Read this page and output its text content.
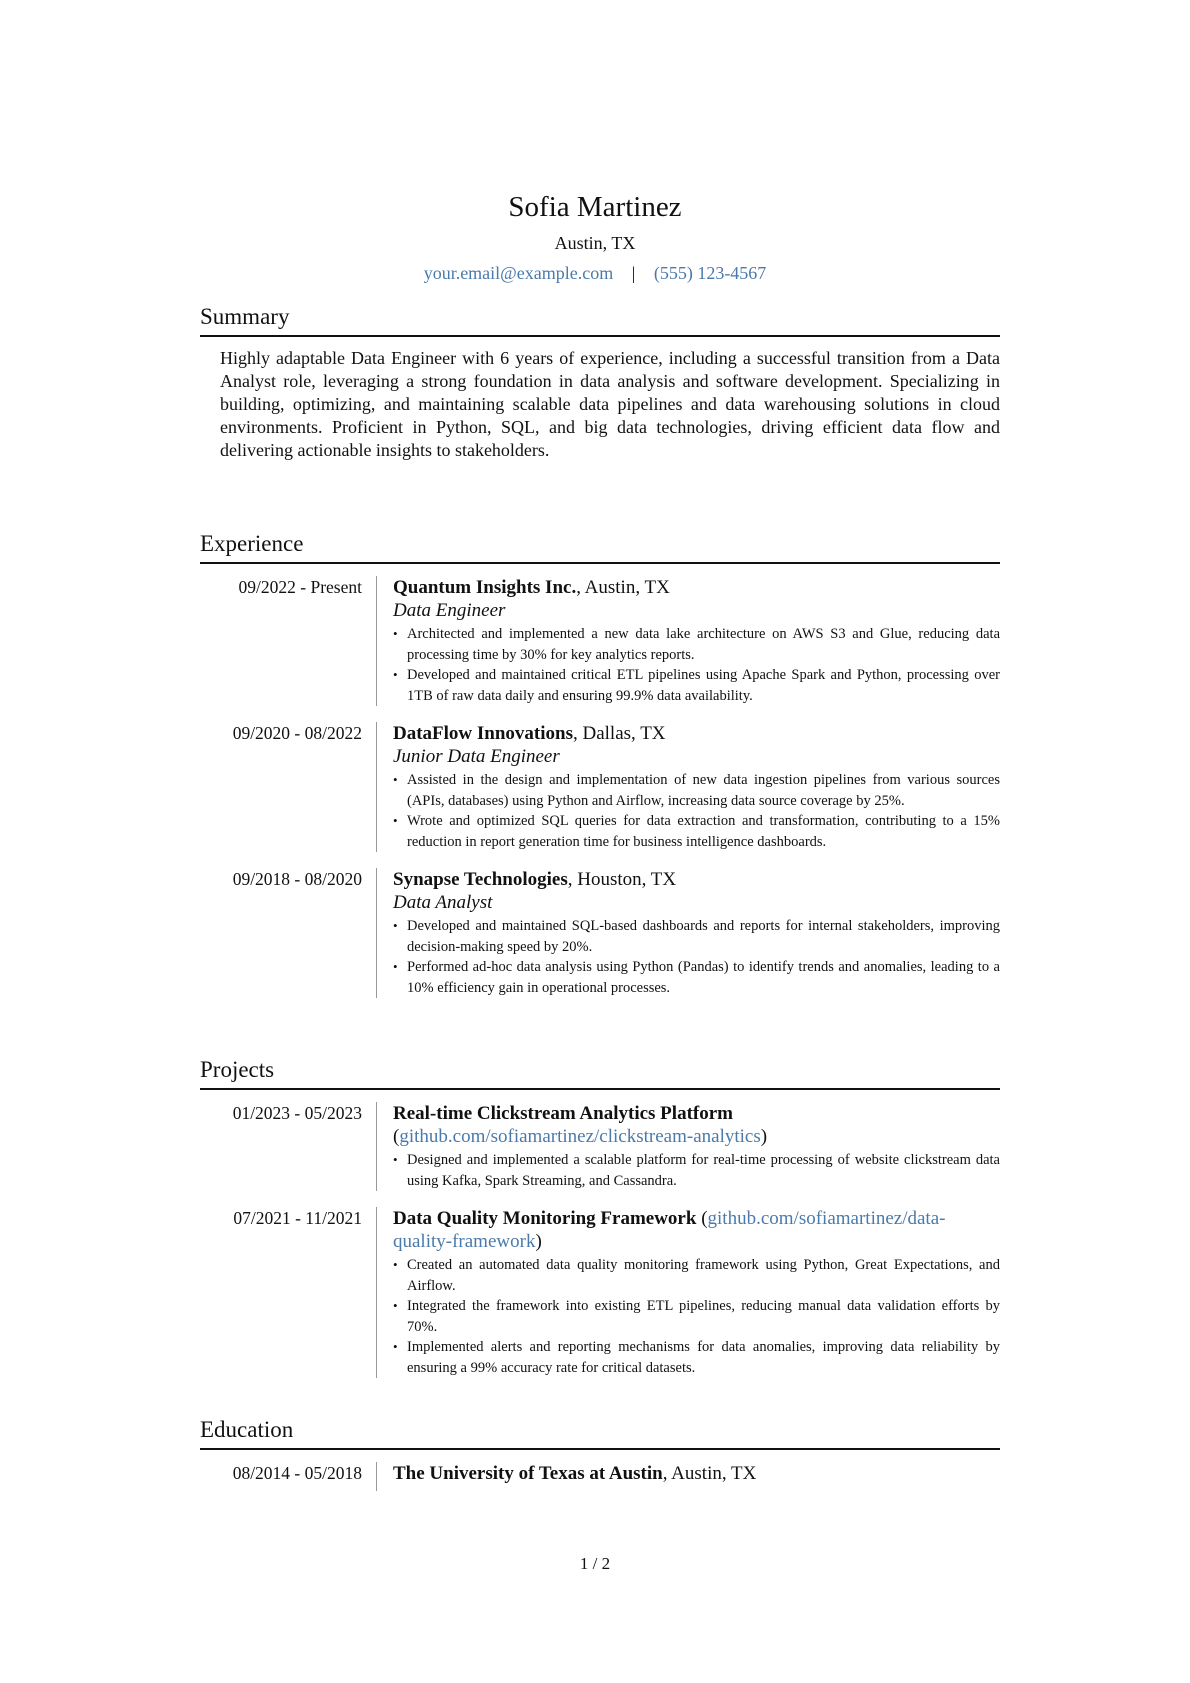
Sofia Martinez
Austin, TX
your.email@example.com | (555) 123-4567
Summary
Highly adaptable Data Engineer with 6 years of experience, including a successful transition from a Data Analyst role, leveraging a strong foundation in data analysis and software development. Specializing in building, optimizing, and maintaining scalable data pipelines and data warehousing solutions in cloud environments. Proficient in Python, SQL, and big data technologies, driving efficient data flow and delivering actionable insights to stakeholders.
Experience
09/2022 - Present	Quantum Insights Inc., Austin, TX
Data Engineer
• Architected and implemented a new data lake architecture on AWS S3 and Glue, reducing data processing time by 30% for key analytics reports.
• Developed and maintained critical ETL pipelines using Apache Spark and Python, processing over 1TB of raw data daily and ensuring 99.9% data availability.
09/2020 - 08/2022	DataFlow Innovations, Dallas, TX
Junior Data Engineer
• Assisted in the design and implementation of new data ingestion pipelines from various sources (APIs, databases) using Python and Airflow, increasing data source coverage by 25%.
• Wrote and optimized SQL queries for data extraction and transformation, contributing to a 15% reduction in report generation time for business intelligence dashboards.
09/2018 - 08/2020	Synapse Technologies, Houston, TX
Data Analyst
• Developed and maintained SQL-based dashboards and reports for internal stakeholders, improving decision-making speed by 20%.
• Performed ad-hoc data analysis using Python (Pandas) to identify trends and anomalies, leading to a 10% efficiency gain in operational processes.
Projects
01/2023 - 05/2023	Real-time Clickstream Analytics Platform (github.com/sofiamartinez/clickstream-analytics)
• Designed and implemented a scalable platform for real-time processing of website clickstream data using Kafka, Spark Streaming, and Cassandra.
07/2021 - 11/2021	Data Quality Monitoring Framework (github.com/sofiamartinez/data-quality-framework)
• Created an automated data quality monitoring framework using Python, Great Expectations, and Airflow.
• Integrated the framework into existing ETL pipelines, reducing manual data validation efforts by 70%.
• Implemented alerts and reporting mechanisms for data anomalies, improving data reliability by ensuring a 99% accuracy rate for critical datasets.
Education
08/2014 - 05/2018	The University of Texas at Austin, Austin, TX
1 / 2
